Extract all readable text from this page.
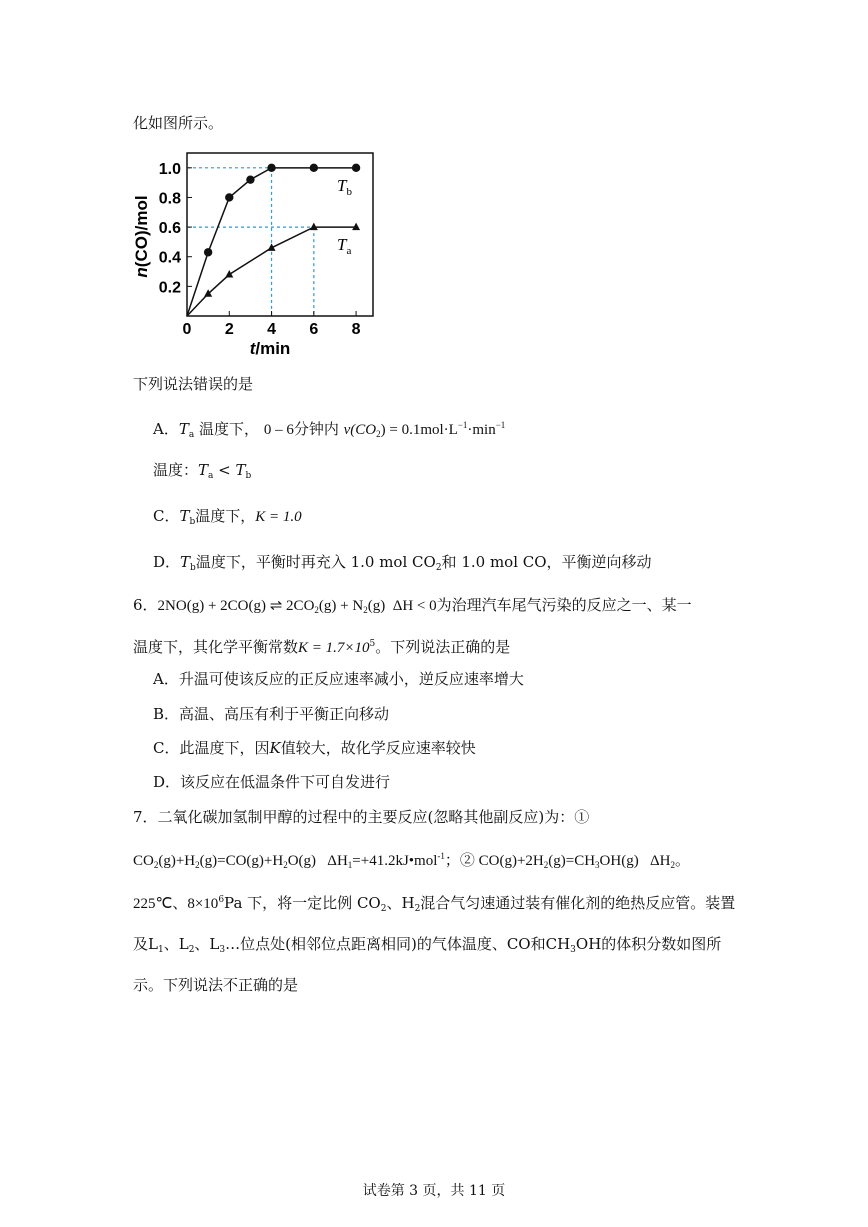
化如图所示。
0 2 4 6 8
0.2
0.4
0.6
0.8
1.0
t/min
n(CO)/mol
$T_b$
$T_a$
下列说法错误的是
A．$T_a$ 温度下， 0 – 6分钟内 $v(CO_2) = 0.1mol\cdot L^{-1}\cdot\min^{-1}$
温度：$T_a < T_b$
C．$T_b$温度下，K = 1.0
D．$T_b$温度下，平衡时再充入 1.0 mol $CO_2$和 1.0 mol CO，平衡逆向移动
6．2NO(g) + 2CO(g) ⇌ $2CO_2(g) + N_2(g) \Delta H < 0$为治理汽车尾气污染的反应之一、某一
温度下，其化学平衡常数$K = 1.7\times 10^5$。下列说法正确的是
A．升温可使该反应的正反应速率减小，逆反应速率增大
B．高温、高压有利于平衡正向移动
C．此温度下，因K值较大，故化学反应速率较快
D．该反应在低温条件下可自发进行
7．二氧化碳加氢制甲醇的过程中的主要反应(忽略其他副反应)为：①
$CO_2(g)+H_2(g)=CO(g)+H_2O(g)$ $\Delta H_1=+41.2kJ•mol^{-1}$；② $CO(g)+2H_2(g)=CH_3OH(g)$ $\Delta H_2$。
225℃、$8\times 10^6Pa$ 下，将一定比例 $CO_2$、$H_2$混合气匀速通过装有催化剂的绝热反应管。装置
及$L_1$、$L_2$、$L_3\dots$位点处(相邻位点距离相同)的气体温度、CO和$CH_3OH$的体积分数如图所
示。下列说法不正确的是
试卷第 3 页，共 11 页
